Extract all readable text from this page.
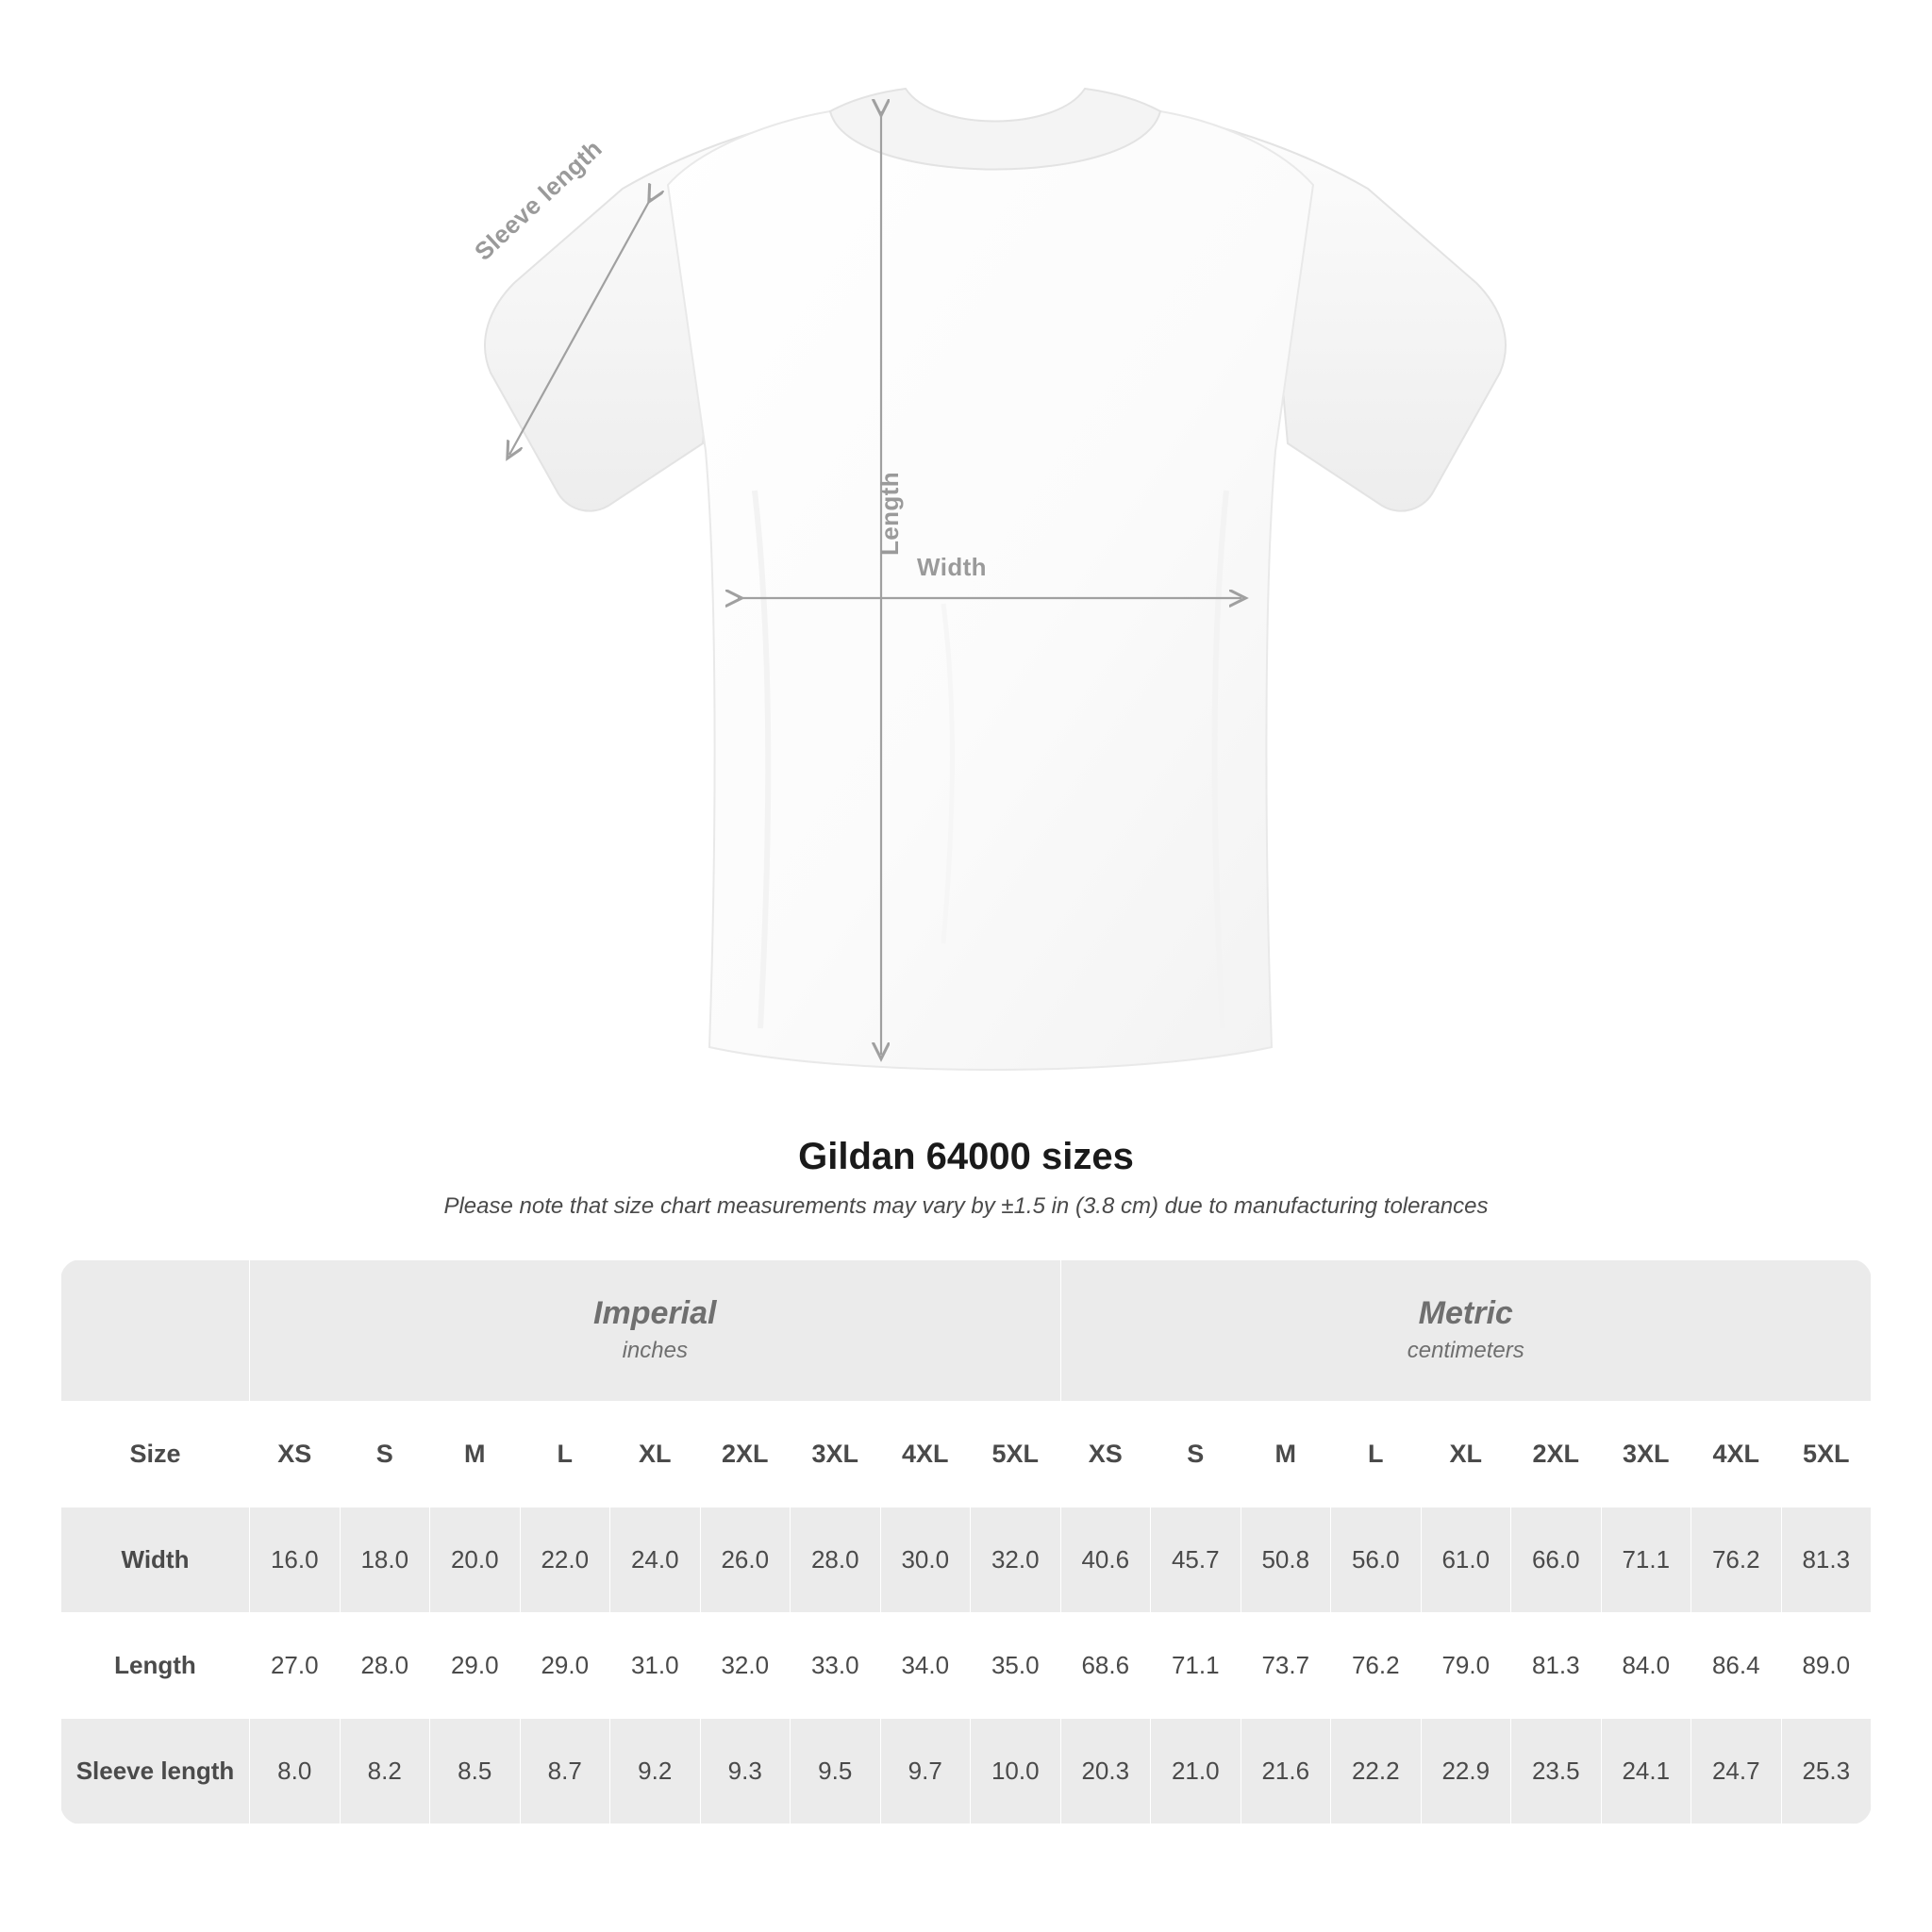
Length
Width
Sleeve length
Gildan 64000 sizes

Please note that size chart measurements may vary by ±1.5 in (3.8 cm) due to manufacturing tolerances

Imperial
inches

Metric
centimeters

Size	XS	S	M	L	XL	2XL	3XL	4XL	5XL	XS	S	M	L	XL	2XL	3XL	4XL	5XL
Width	16.0	18.0	20.0	22.0	24.0	26.0	28.0	30.0	32.0	40.6	45.7	50.8	56.0	61.0	66.0	71.1	76.2	81.3
Length	27.0	28.0	29.0	29.0	31.0	32.0	33.0	34.0	35.0	68.6	71.1	73.7	76.2	79.0	81.3	84.0	86.4	89.0
Sleeve length	8.0	8.2	8.5	8.7	9.2	9.3	9.5	9.7	10.0	20.3	21.0	21.6	22.2	22.9	23.5	24.1	24.7	25.3
